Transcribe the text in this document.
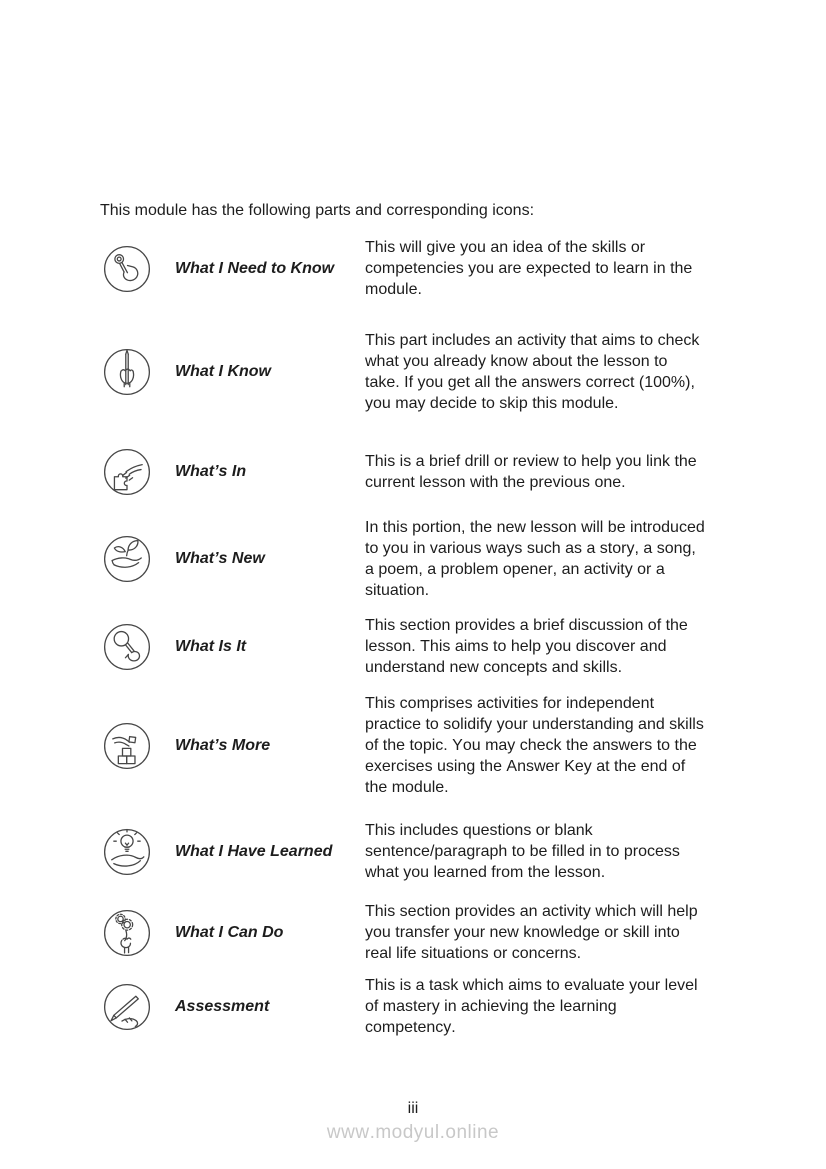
This module has the following parts and corresponding icons:
What I Need to Know
This will give you an idea of the skills or competencies you are expected to learn in the module.
What I Know
This part includes an activity that aims to check what you already know about the lesson to take. If you get all the answers correct (100%), you may decide to skip this module.
What’s In
This is a brief drill or review to help you link the current lesson with the previous one.
What’s New
In this portion, the new lesson will be introduced to you in various ways such as a story, a song, a poem, a problem opener, an activity or a situation.
What Is It
This section provides a brief discussion of the lesson. This aims to help you discover and understand new concepts and skills.
What’s More
This comprises activities for independent practice to solidify your understanding and skills of the topic. You may check the answers to the exercises using the Answer Key at the end of the module.
What I Have Learned
This includes questions or blank sentence/paragraph to be filled in to process what you learned from the lesson.
What I Can Do
This section provides an activity which will help you transfer your new knowledge or skill into real life situations or concerns.
Assessment
This is a task which aims to evaluate your level of mastery in achieving the learning competency.
iii
www.modyul.online
